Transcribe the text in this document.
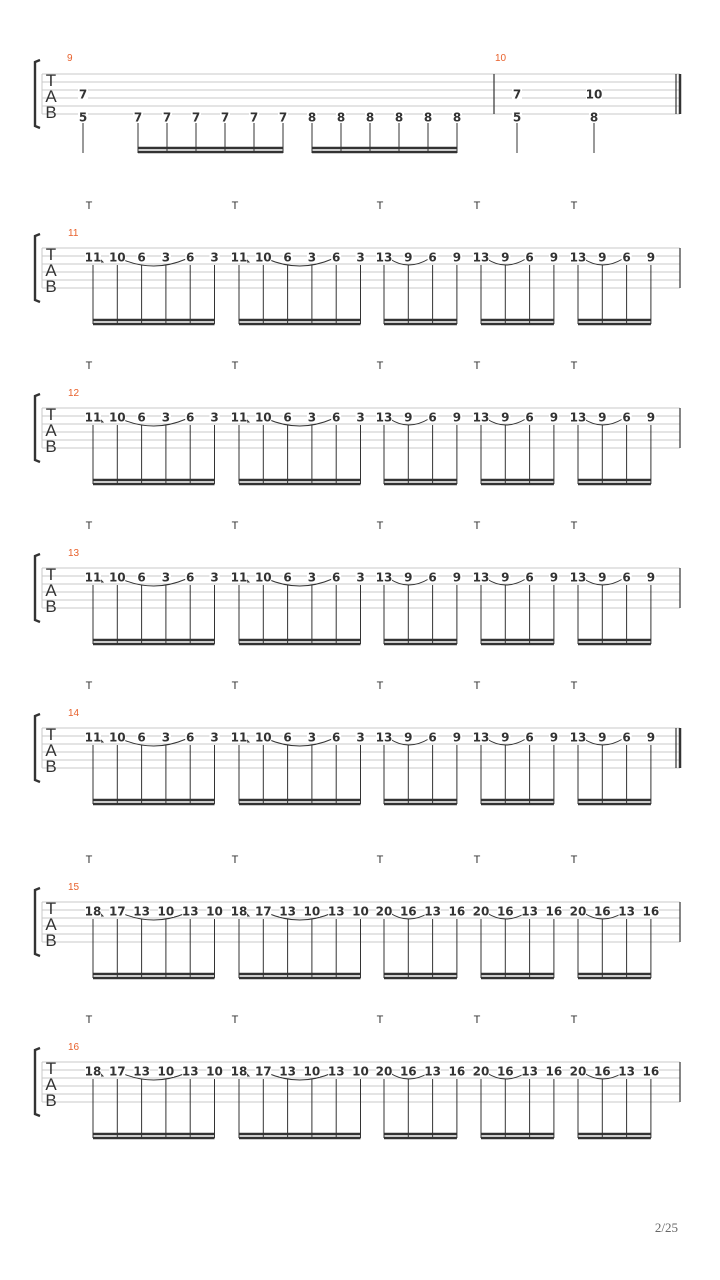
T
A
B
9	10
7
5	7 7 7 7 7 7 8 8 8 8 8 8
7
5
10
8
T
A
B
11
T
11 10 6 3 6 3
T
11 10 6 3 6 3
T
13 9 6 9
T
13 9 6 9
T
13 9 6 9
T
A
B
12
T
11 10 6 3 6 3
T
11 10 6 3 6 3
T
13 9 6 9
T
13 9 6 9
T
13 9 6 9
T
A
B
13
T
11 10 6 3 6 3
T
11 10 6 3 6 3
T
13 9 6 9
T
13 9 6 9
T
13 9 6 9
T
A
B
14
T
11 10 6 3 6 3
T
11 10 6 3 6 3
T
13 9 6 9
T
13 9 6 9
T
13 9 6 9
T
A
B
15
T
18 17 13 10 13 10
T
18 17 13 10 13 10
T
20 16 13 16
T
20 16 13 16
T
20 16 13 16
T
A
B
16
T
18 17 13 10 13 10
T
18 17 13 10 13 10
T
20 16 13 16
T
20 16 13 16
T
20 16 13 16
2/25
